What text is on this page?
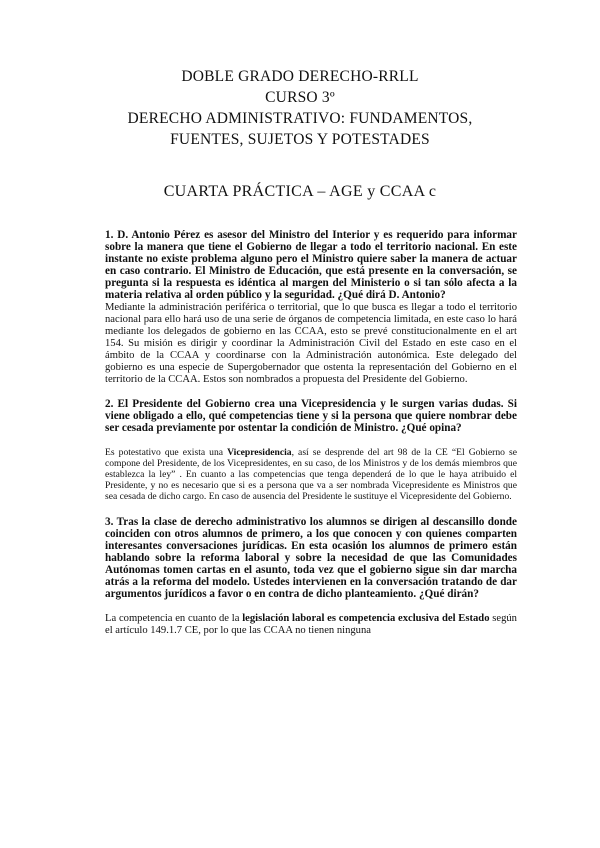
DOBLE GRADO DERECHO-RRLL
CURSO 3º
DERECHO ADMINISTRATIVO: FUNDAMENTOS,
FUENTES, SUJETOS Y POTESTADES
CUARTA PRÁCTICA – AGE y CCAA c

1. D. Antonio Pérez es asesor del Ministro del Interior y es requerido para informar sobre la manera que tiene el Gobierno de llegar a todo el territorio nacional. En este instante no existe problema alguno pero el Ministro quiere saber la manera de actuar en caso contrario. El Ministro de Educación, que está presente en la conversación, se pregunta si la respuesta es idéntica al margen del Ministerio o si tan sólo afecta a la materia relativa al orden público y la seguridad. ¿Qué dirá D. Antonio?

Mediante la administración periférica o territorial, que lo que busca es llegar a todo el territorio nacional para ello hará uso de una serie de órganos de competencia limitada, en este caso lo hará mediante los delegados de gobierno en las CCAA, esto se prevé constitucionalmente en el art 154. Su misión es dirigir y coordinar la Administración Civil del Estado en este caso en el ámbito de la CCAA y coordinarse con la Administración autonómica. Este delegado del gobierno es una especie de Supergobernador que ostenta la representación del Gobierno en el territorio de la CCAA. Estos son nombrados a propuesta del Presidente del Gobierno.

2. El Presidente del Gobierno crea una Vicepresidencia y le surgen varias dudas. Si viene obligado a ello, qué competencias tiene y si la persona que quiere nombrar debe ser cesada previamente por ostentar la condición de Ministro. ¿Qué opina?

Es potestativo que exista una Vicepresidencia, así se desprende del art 98 de la CE “El Gobierno se compone del Presidente, de los Vicepresidentes, en su caso, de los Ministros y de los demás miembros que establezca la ley” . En cuanto a las competencias que tenga dependerá de lo que le haya atribuido el Presidente, y no es necesario que si es a persona que va a ser nombrada Vicepresidente es Ministros que sea cesada de dicho cargo. En caso de ausencia del Presidente le sustituye el Vicepresidente del Gobierno.

3. Tras la clase de derecho administrativo los alumnos se dirigen al descansillo donde coinciden con otros alumnos de primero, a los que conocen y con quienes comparten interesantes conversaciones jurídicas. En esta ocasión los alumnos de primero están hablando sobre la reforma laboral y sobre la necesidad de que las Comunidades Autónomas tomen cartas en el asunto, toda vez que el gobierno sigue sin dar marcha atrás a la reforma del modelo. Ustedes intervienen en la conversación tratando de dar argumentos jurídicos a favor o en contra de dicho planteamiento. ¿Qué dirán?

La competencia en cuanto de la legislación laboral es competencia exclusiva del Estado según el artículo 149.1.7 CE, por lo que las CCAA no tienen ninguna
